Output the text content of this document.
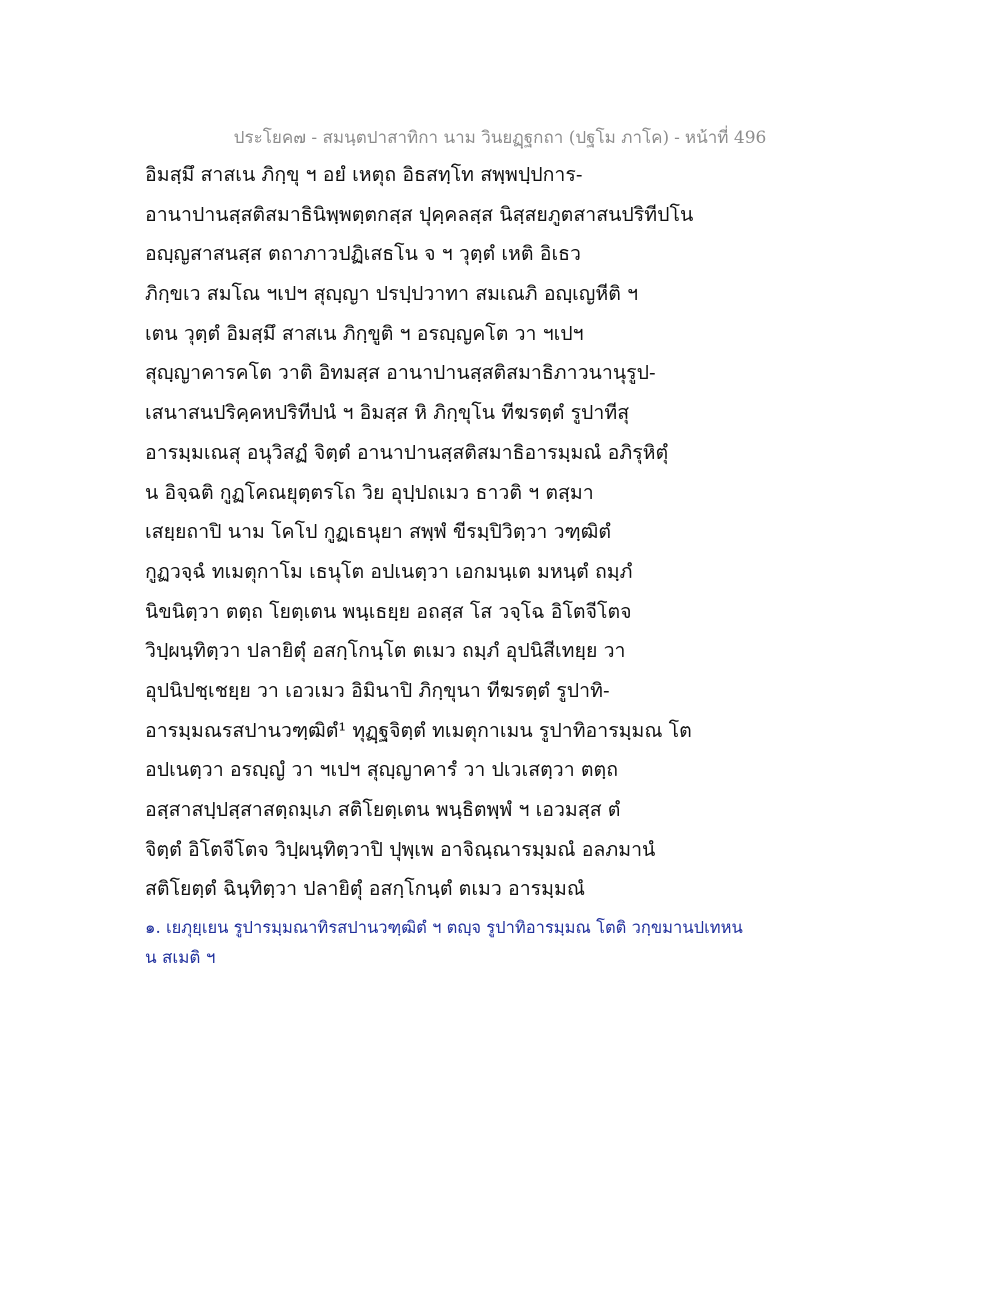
ประโยค๗ - สมนฺตปาสาทิกา นาม วินยฏฺฐกถา (ปฐโม ภาโค) - หน้าที่ 496
อิมสฺมึ สาสเน ภิกฺขุ ฯ อยํ เหตุถ อิธสทฺโท สพฺพปฺปการ-
อานาปานสฺสติสมาธินิพฺพตฺตกสฺส ปุคฺคลสฺส นิสฺสยภูตสาสนปริทีปโน
อญฺญสาสนสฺส ตถาภาวปฏิเสธโน จ ฯ วุตฺตํ เหติ อิเธว
ภิกฺขเว สมโณ ฯเปฯ สุญฺญา ปรปฺปวาทา สมเณภิ อญฺเญหีติ ฯ
เตน วุตฺตํ อิมสฺมึ สาสเน ภิกฺขูติ ฯ อรญฺญคโต วา ฯเปฯ
สุญฺญาคารคโต วาติ อิทมสฺส อานาปานสฺสติสมาธิภาวนานุรูป-
เสนาสนปริคฺคหปริทีปนํ ฯ อิมสฺส หิ ภิกฺขุโน ทีฆรตฺตํ รูปาทีสุ
อารมฺมเณสุ อนุวิสฏํ จิตฺตํ อานาปานสฺสติสมาธิอารมฺมณํ อภิรุหิตุํ
น อิจฺฉติ กูฏโคณยุตฺตรโถ วิย อุปฺปถเมว ธาวติ ฯ ตสฺมา
เสยฺยถาปิ นาม โคโป กูฏเธนุยา สพฺพํ ขีรมฺปิวิตฺวา วฑฺฒิตํ
กูฏวจฺฉํ ทเมตุกาโม เธนุโต อปเนตฺวา เอกมนฺเต มหนฺตํ ถมฺภํ
นิขนิตฺวา ตตฺถ โยตฺเตน พนฺเธยฺย อถสฺส โส วจฺโฉ อิโตจีโตจ
วิปฺผนฺทิตฺวา ปลายิตุํ อสกฺโกนฺโต ตเมว ถมฺภํ อุปนิสีเทยฺย วา
อุปนิปชฺเชยฺย วา เอวเมว อิมินาปิ ภิกฺขุนา ทีฆรตฺตํ รูปาทิ-
อารมฺมณรสปานวฑฺฒิตํ¹ ทุฏฺฐจิตฺตํ ทเมตุกาเมน รูปาทิอารมฺมณ โต
อปเนตฺวา อรญฺญํ วา ฯเปฯ สุญฺญาคารํ วา ปเวเสตฺวา ตตฺถ
อสฺสาสปฺปสฺสาสตฺถมฺเภ สติโยตฺเตน พนฺธิตพฺพํ ฯ เอวมสฺส ตํ
จิตฺตํ อิโตจีโตจ วิปฺผนฺทิตฺวาปิ ปุพฺเพ อาจิณฺณารมฺมณํ อลภมานํ
สติโยตฺตํ ฉินฺทิตฺวา ปลายิตุํ อสกฺโกนฺตํ ตเมว อารมฺมณํ
๑. เยภุยฺเยน รูปารมฺมณาทิรสปานวฑฺฒิตํ ฯ ตญฺจ รูปาทิอารมฺมณ โตติ วกฺขมานปเทหน
น สเมติ ฯ
